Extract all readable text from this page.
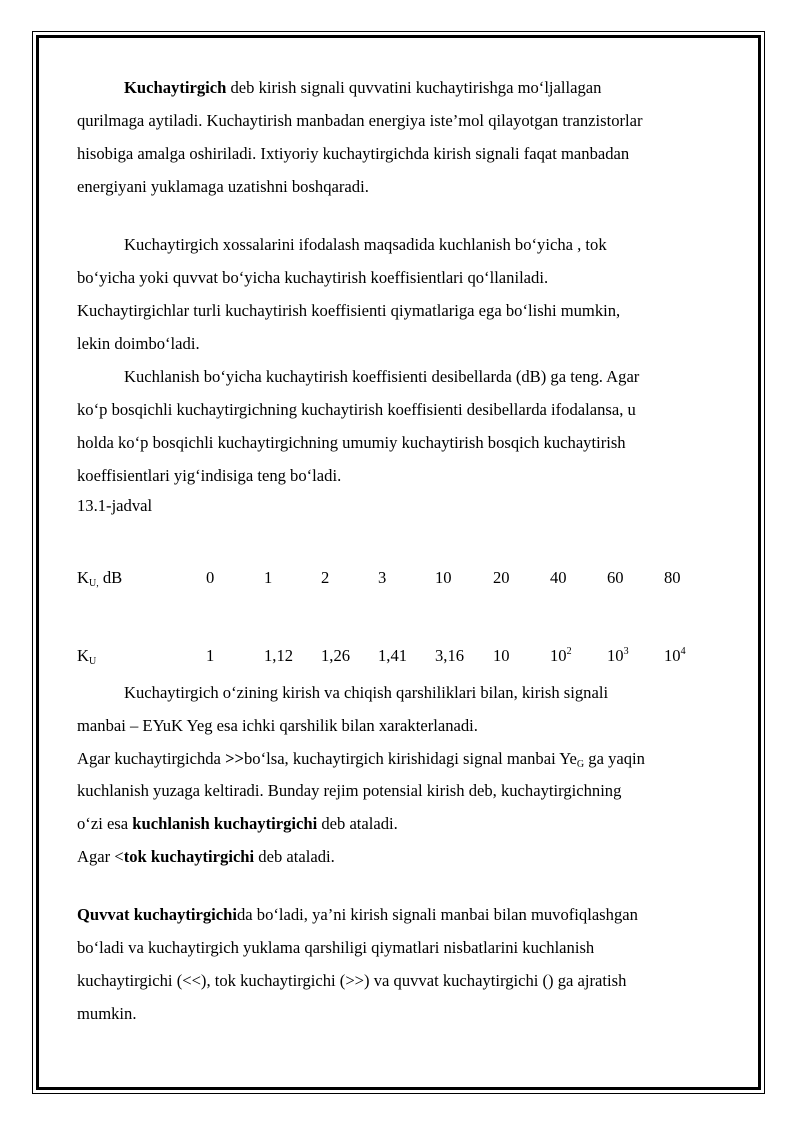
Kuchaytirgich deb kirish signali quvvatini kuchaytirishga mo‘ljallagan
qurilmaga aytiladi. Kuchaytirish manbadan energiya iste’mol qilayotgan tranzistorlar
hisobiga amalga oshiriladi. Ixtiyoriy kuchaytirgichda kirish signali faqat manbadan
energiyani yuklamaga uzatishni boshqaradi.
Kuchaytirgich xossalarini ifodalash maqsadida kuchlanish bo‘yicha , tok
bo‘yicha yoki quvvat bo‘yicha kuchaytirish koeffisientlari qo‘llaniladi.
Kuchaytirgichlar turli kuchaytirish koeffisienti qiymatlariga ega bo‘lishi mumkin,
lekin doimbo‘ladi.
Kuchlanish bo‘yicha kuchaytirish koeffisienti desibellarda (dB) ga teng. Agar
ko‘p bosqichli kuchaytirgichning kuchaytirish koeffisienti desibellarda ifodalansa, u
holda ko‘p bosqichli kuchaytirgichning umumiy kuchaytirish bosqich kuchaytirish
koeffisientlari yig‘indisiga teng bo‘ladi.
13.1-jadval
$K_{U,}$ dB	0	1	2	3	10 20 40 60 80
$K_U$	1	1,12 1,26 1,41 3,16 10 $10^2$ $10^3$ $10^4$
Kuchaytirgich o‘zining kirish va chiqish qarshiliklari bilan, kirish signali
manbai – EYuK Yeg esa ichki qarshilik bilan xarakterlanadi.
Agar kuchaytirgichda >>bo‘lsa, kuchaytirgich kirishidagi signal manbai $Ye_G$ ga yaqin
kuchlanish yuzaga keltiradi. Bunday rejim potensial kirish deb, kuchaytirgichning
o‘zi esa kuchlanish kuchaytirgichi deb ataladi.
Agar <tok kuchaytirgichi deb ataladi.
Quvvat kuchaytirgichida bo‘ladi, ya’ni kirish signali manbai bilan muvofiqlashgan
bo‘ladi va kuchaytirgich yuklama qarshiligi qiymatlari nisbatlarini kuchlanish
kuchaytirgichi (<<), tok kuchaytirgichi (>>) va quvvat kuchaytirgichi () ga ajratish
mumkin.
